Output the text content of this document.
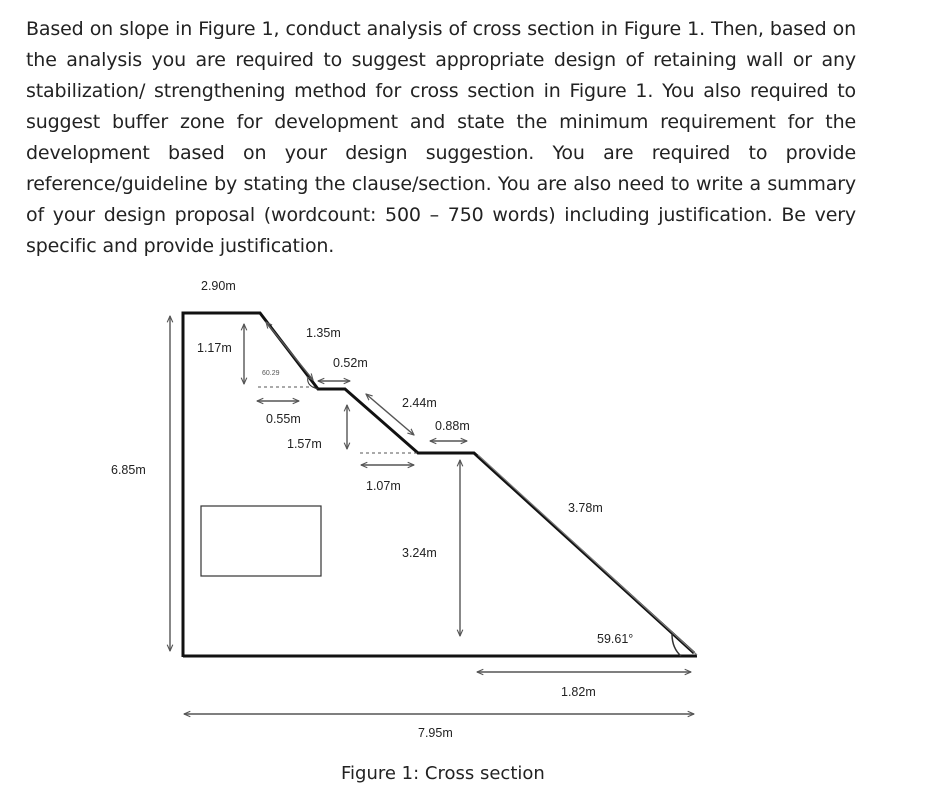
Based on slope in Figure 1, conduct analysis of cross section in Figure 1. Then, based on the analysis you are required to suggest appropriate design of retaining wall or any stabilization/ strengthening method for cross section in Figure 1. You also required to suggest buffer zone for development and state the minimum requirement for the development based on your design suggestion. You are required to provide reference/guideline by stating the clause/section. You are also need to write a summary of your design proposal (wordcount: 500 – 750 words) including justification. Be very specific and provide justification.

2.90m
1.17m
1.35m
60.29
0.52m
0.55m
2.44m
1.57m
0.88m
1.07m
6.85m
3.78m
3.24m
59.61°
1.82m
7.95m
Figure 1: Cross section
